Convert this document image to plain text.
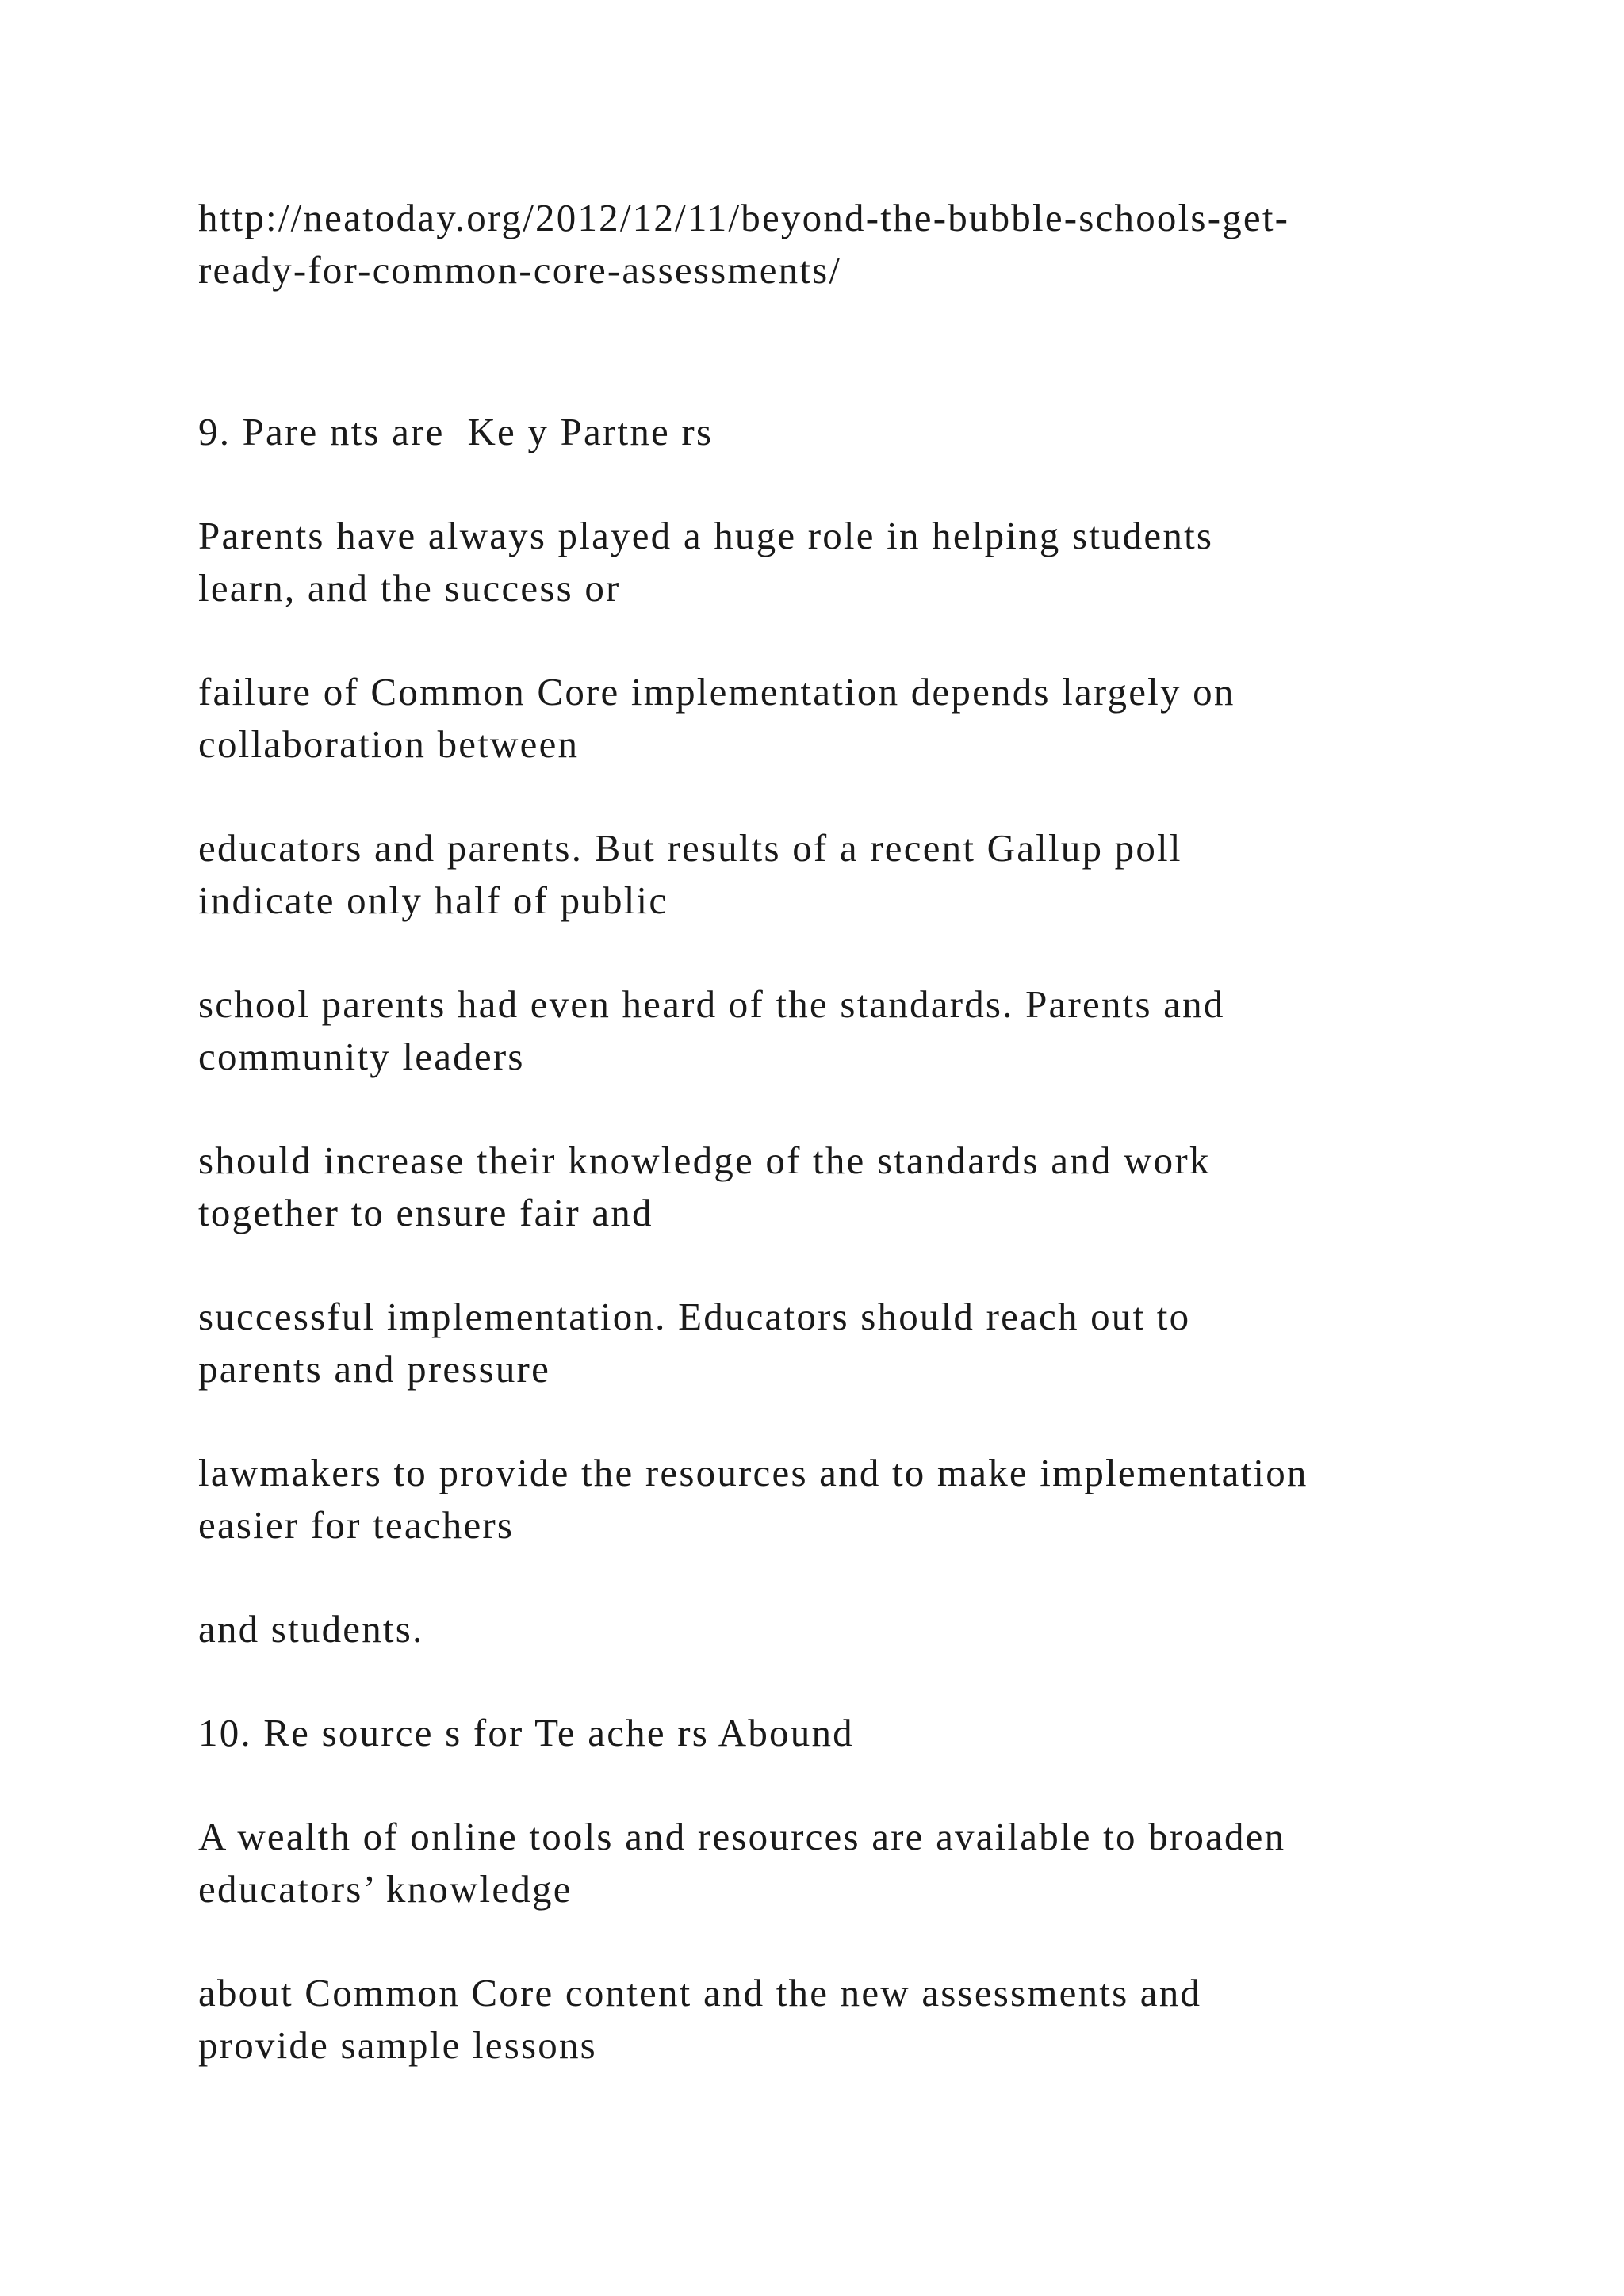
http://neatoday.org/2012/12/11/beyond-the-bubble-schools-get-

ready-for-common-core-assessments/

9. Pare nts are  Ke y Partne rs

Parents have always played a huge role in helping students

learn, and the success or

failure of Common Core implementation depends largely on

collaboration between

educators and parents. But results of a recent Gallup poll

indicate only half of public

school parents had even heard of the standards. Parents and

community leaders

should increase their knowledge of the standards and work

together to ensure fair and

successful implementation. Educators should reach out to

parents and pressure

lawmakers to provide the resources and to make implementation

easier for teachers

and students.

10. Re source s for Te ache rs Abound

A wealth of online tools and resources are available to broaden

educators’ knowledge

about Common Core content and the new assessments and

provide sample lessons
